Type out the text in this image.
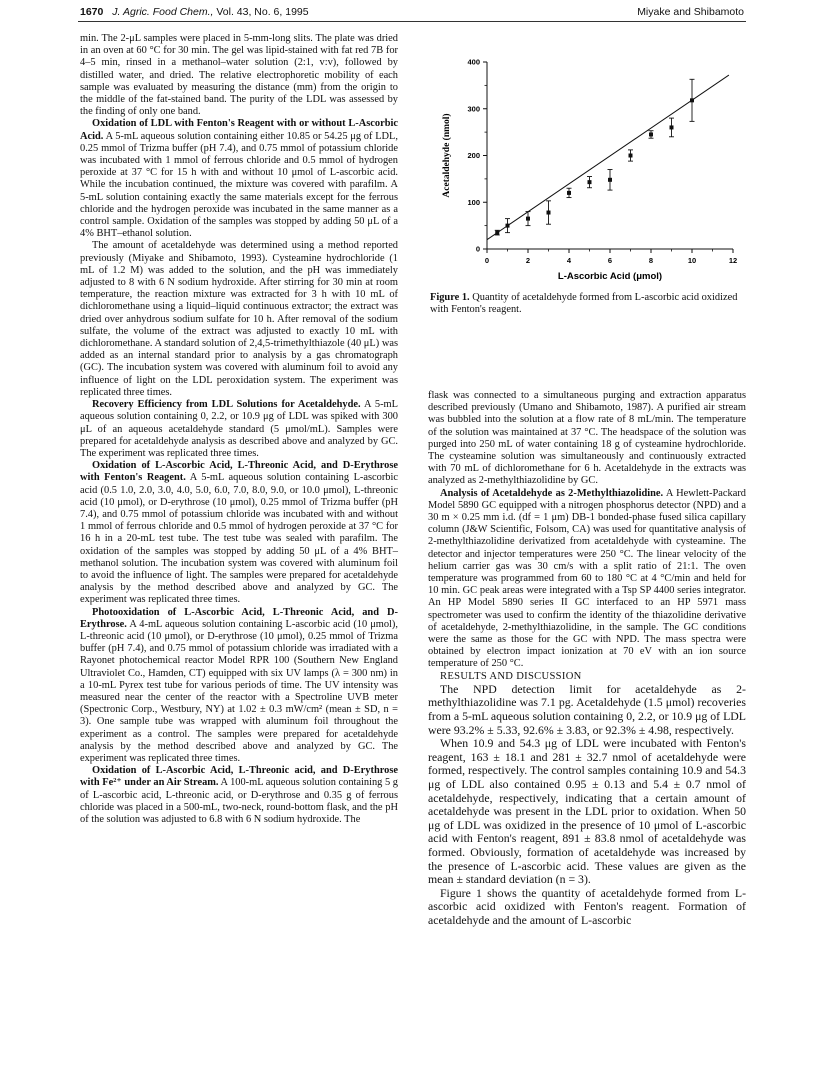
1670 J. Agric. Food Chem., Vol. 43, No. 6, 1995	Miyake and Shibamoto

min. The 2-μL samples were placed in 5-mm-long slits. The plate was dried in an oven at 60 °C for 30 min. The gel was lipid-stained with fat red 7B for 4–5 min, rinsed in a methanol–water solution (2:1, v:v), followed by distilled water, and dried. The relative electrophoretic mobility of each sample was evaluated by measuring the distance (mm) from the origin to the middle of the fat-stained band. The purity of the LDL was assessed by the finding of only one band.

Oxidation of LDL with Fenton's Reagent with or without L-Ascorbic Acid. A 5-mL aqueous solution containing either 10.85 or 54.25 μg of LDL, 0.25 mmol of Trizma buffer (pH 7.4), and 0.75 mmol of potassium chloride was incubated with 1 mmol of ferrous chloride and 0.5 mmol of hydrogen peroxide at 37 °C for 15 h with and without 10 μmol of L-ascorbic acid. While the incubation continued, the mixture was covered with parafilm. A 5-mL solution containing exactly the same materials except for the ferrous chloride and the hydrogen peroxide was incubated in the same manner as a control sample. Oxidation of the samples was stopped by adding 50 μL of a 4% BHT–ethanol solution.

The amount of acetaldehyde was determined using a method reported previously (Miyake and Shibamoto, 1993). Cysteamine hydrochloride (1 mL of 1.2 M) was added to the solution, and the pH was immediately adjusted to 8 with 6 N sodium hydroxide. After stirring for 30 min at room temperature, the reaction mixture was extracted for 3 h with 10 mL of dichloromethane using a liquid–liquid continuous extractor; the extract was dried over anhydrous sodium sulfate for 10 h. After removal of the sodium sulfate, the volume of the extract was adjusted to exactly 10 mL with dichloromethane. A standard solution of 2,4,5-trimethylthiazole (40 μL) was added as an internal standard prior to analysis by a gas chromatograph (GC). The incubation system was covered with aluminum foil to avoid any influence of light on the LDL peroxidation system. The experiment was replicated three times.

Recovery Efficiency from LDL Solutions for Acetaldehyde. A 5-mL aqueous solution containing 0, 2.2, or 10.9 μg of LDL was spiked with 300 μL of an aqueous acetaldehyde standard (5 μmol/mL). Samples were prepared for acetaldehyde analysis as described above and analyzed by GC. The experiment was replicated three times.

Oxidation of L-Ascorbic Acid, L-Threonic Acid, and D-Erythrose with Fenton's Reagent. A 5-mL aqueous solution containing L-ascorbic acid (0.5 1.0, 2.0, 3.0, 4.0, 5.0, 6.0, 7.0, 8.0, 9.0, or 10.0 μmol), L-threonic acid (10 μmol), or D-erythrose (10 μmol), 0.25 mmol of Trizma buffer (pH 7.4), and 0.75 mmol of potassium chloride was incubated with and without 1 mmol of ferrous chloride and 0.5 mmol of hydrogen peroxide at 37 °C for 16 h in a 20-mL test tube. The test tube was sealed with parafilm. The oxidation of the samples was stopped by adding 50 μL of a 4% BHT–methanol solution. The incubation system was covered with aluminum foil to avoid the influence of light. The samples were prepared for acetaldehyde analysis by the method described above and analyzed by GC. The experiment was replicated three times.

Photooxidation of L-Ascorbic Acid, L-Threonic Acid, and D-Erythrose. A 4-mL aqueous solution containing L-ascorbic acid (10 μmol), L-threonic acid (10 μmol), or D-erythrose (10 μmol), 0.25 mmol of Trizma buffer (pH 7.4), and 0.75 mmol of potassium chloride was irradiated with a Rayonet photochemical reactor Model RPR 100 (Southern New England Ultraviolet Co., Hamden, CT) equipped with six UV lamps (λ = 300 nm) in a 10-mL Pyrex test tube for various periods of time. The UV intensity was measured near the center of the reactor with a Spectroline UVB meter (Spectronic Corp., Westbury, NY) at 1.02 ± 0.3 mW/cm² (mean ± SD, n = 3). One sample tube was wrapped with aluminum foil throughout the experiment as a control. The samples were prepared for acetaldehyde analysis by the method described above and analyzed by GC. The experiment was replicated three times.

Oxidation of L-Ascorbic Acid, L-Threonic acid, and D-Erythrose with Fe²⁺ under an Air Stream. A 100-mL aqueous solution containing 5 g of L-ascorbic acid, L-threonic acid, or D-erythrose and 0.35 g of ferrous chloride was placed in a 500-mL, two-neck, round-bottom flask, and the pH of the solution was adjusted to 6.8 with 6 N sodium hydroxide. The

0	2	4	6	8	10	12
0
100
200
300
400
L-Ascorbic Acid (μmol)
Acetaldehyde (nmol)
Figure 1. Quantity of acetaldehyde formed from L-ascorbic acid oxidized with Fenton's reagent.

flask was connected to a simultaneous purging and extraction apparatus described previously (Umano and Shibamoto, 1987). A purified air stream was bubbled into the solution at a flow rate of 8 mL/min. The temperature of the solution was maintained at 37 °C. The headspace of the solution was purged into 250 mL of water containing 18 g of cysteamine hydrochloride. The cysteamine solution was simultaneously and continuously extracted with 70 mL of dichloromethane for 6 h. Acetaldehyde in the extracts was analyzed as 2-methylthiazolidine by GC.

Analysis of Acetaldehyde as 2-Methylthiazolidine. A Hewlett-Packard Model 5890 GC equipped with a nitrogen phosphorus detector (NPD) and a 30 m × 0.25 mm i.d. (df = 1 μm) DB-1 bonded-phase fused silica capillary column (J&W Scientific, Folsom, CA) was used for quantitative analysis of 2-methylthiazolidine derivatized from acetaldehyde with cysteamine. The detector and injector temperatures were 250 °C. The linear velocity of the helium carrier gas was 30 cm/s with a split ratio of 21:1. The oven temperature was programmed from 60 to 180 °C at 4 °C/min and held for 10 min. GC peak areas were integrated with a Tsp SP 4400 series integrator. An HP Model 5890 series II GC interfaced to an HP 5971 mass spectrometer was used to confirm the identity of the thiazolidine derivative of acetaldehyde, 2-methylthiazolidine, in the sample. The GC conditions were the same as those for the GC with NPD. The mass spectra were obtained by electron impact ionization at 70 eV with an ion source temperature of 250 °C.

RESULTS AND DISCUSSION

The NPD detection limit for acetaldehyde as 2-methylthiazolidine was 7.1 pg. Acetaldehyde (1.5 μmol) recoveries from a 5-mL aqueous solution containing 0, 2.2, or 10.9 μg of LDL were 93.2% ± 5.33, 92.6% ± 3.83, or 92.3% ± 4.98, respectively.

When 10.9 and 54.3 μg of LDL were incubated with Fenton's reagent, 163 ± 18.1 and 281 ± 32.7 nmol of acetaldehyde were formed, respectively. The control samples containing 10.9 and 54.3 μg of LDL also contained 0.95 ± 0.13 and 5.4 ± 0.7 nmol of acetaldehyde, respectively, indicating that a certain amount of acetaldehyde was present in the LDL prior to oxidation. When 50 μg of LDL was oxidized in the presence of 10 μmol of L-ascorbic acid with Fenton's reagent, 891 ± 83.8 nmol of acetaldehyde was formed. Obviously, formation of acetaldehyde was increased by the presence of L-ascorbic acid. These values are given as the mean ± standard deviation (n = 3).

Figure 1 shows the quantity of acetaldehyde formed from L-ascorbic acid oxidized with Fenton's reagent. Formation of acetaldehyde and the amount of L-ascorbic
